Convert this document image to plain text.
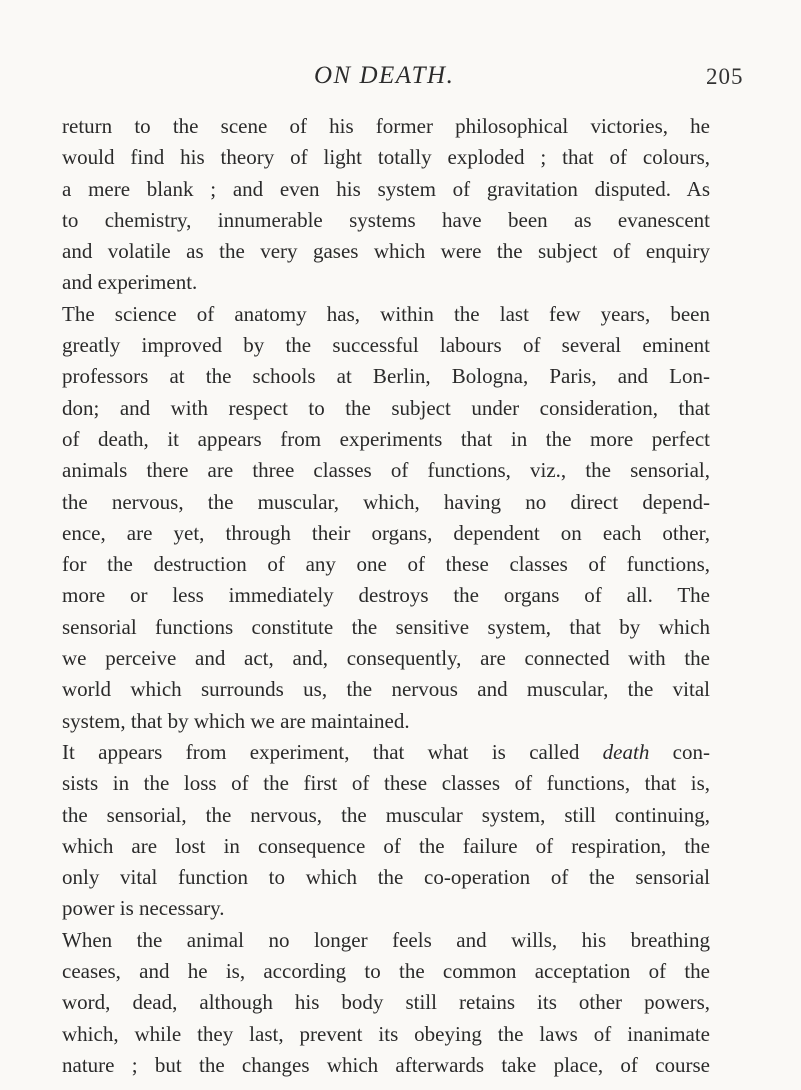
ON DEATH.	205
return to the scene of his former philosophical victories, he
would find his theory of light totally exploded ; that of colours,
a mere blank ; and even his system of gravitation disputed. As
to chemistry, innumerable systems have been as evanescent
and volatile as the very gases which were the subject of enquiry
and experiment.
The science of anatomy has, within the last few years, been
greatly improved by the successful labours of several eminent
professors at the schools at Berlin, Bologna, Paris, and Lon-
don; and with respect to the subject under consideration, that
of death, it appears from experiments that in the more perfect
animals there are three classes of functions, viz., the sensorial,
the nervous, the muscular, which, having no direct depend-
ence, are yet, through their organs, dependent on each other,
for the destruction of any one of these classes of functions,
more or less immediately destroys the organs of all. The
sensorial functions constitute the sensitive system, that by which
we perceive and act, and, consequently, are connected with the
world which surrounds us, the nervous and muscular, the vital
system, that by which we are maintained.
It appears from experiment, that what is called death con-
sists in the loss of the first of these classes of functions, that is,
the sensorial, the nervous, the muscular system, still continuing,
which are lost in consequence of the failure of respiration, the
only vital function to which the co-operation of the sensorial
power is necessary.
When the animal no longer feels and wills, his breathing
ceases, and he is, according to the common acceptation of the
word, dead, although his body still retains its other powers,
which, while they last, prevent its obeying the laws of inanimate
nature ; but the changes which afterwards take place, of course
